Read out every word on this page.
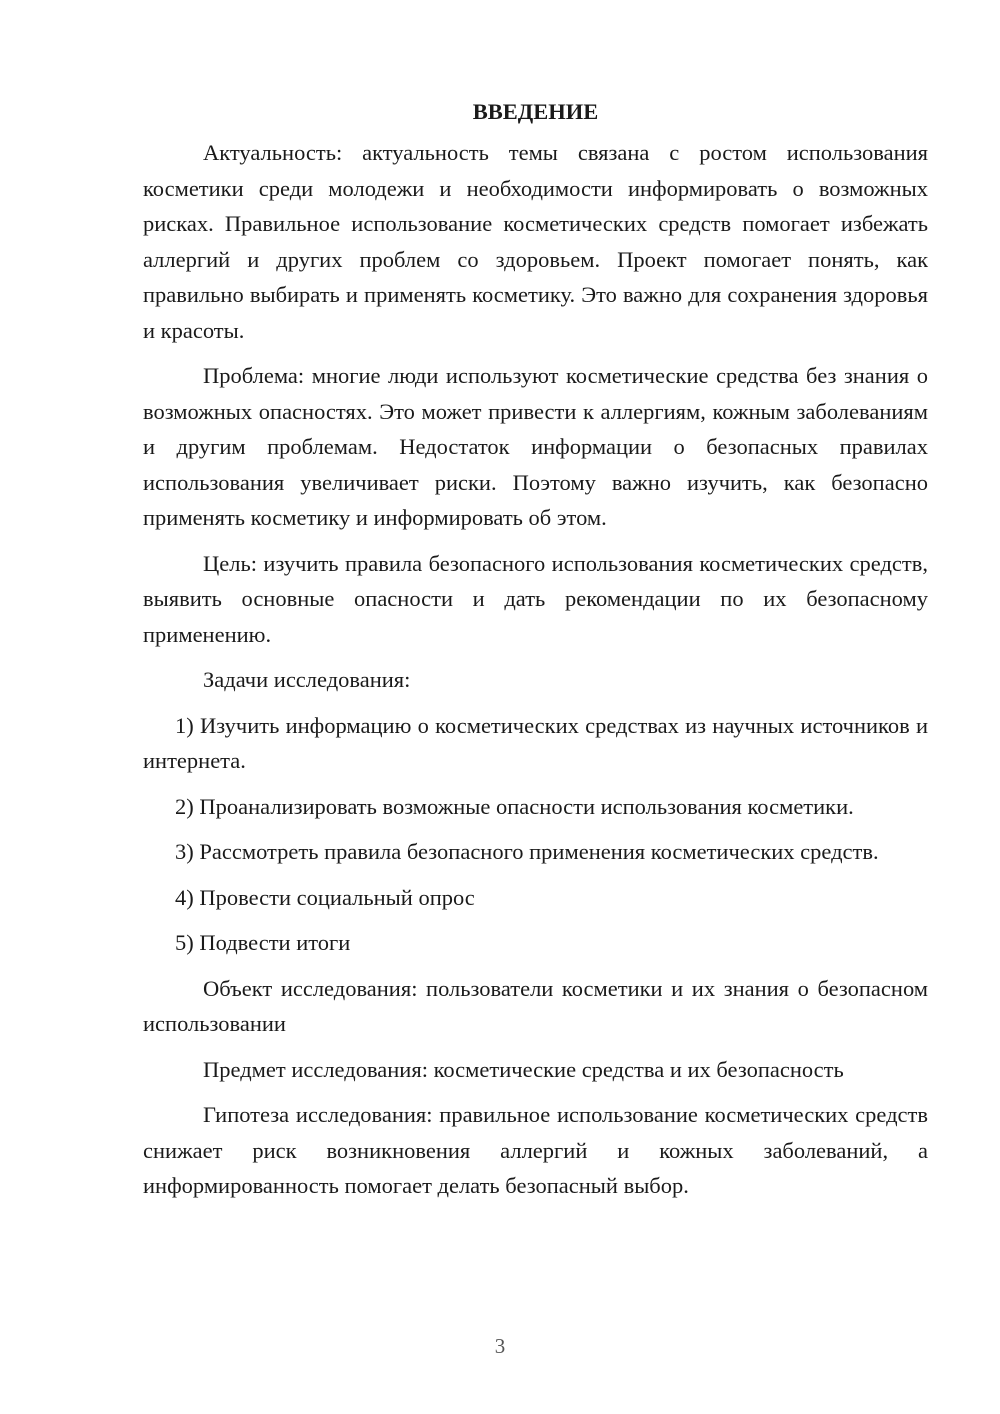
ВВЕДЕНИЕ

Актуальность: актуальность темы связана с ростом использования косметики среди молодежи и необходимости информировать о возможных рисках. Правильное использование косметических средств помогает избежать аллергий и других проблем со здоровьем. Проект помогает понять, как правильно выбирать и применять косметику. Это важно для сохранения здоровья и красоты.

Проблема: многие люди используют косметические средства без знания о возможных опасностях. Это может привести к аллергиям, кожным заболеваниям и другим проблемам. Недостаток информации о безопасных правилах использования увеличивает риски. Поэтому важно изучить, как безопасно применять косметику и информировать об этом.

Цель: изучить правила безопасного использования косметических средств, выявить основные опасности и дать рекомендации по их безопасному применению.

Задачи исследования:

1) Изучить информацию о косметических средствах из научных источников и интернета.

2) Проанализировать возможные опасности использования косметики.

3) Рассмотреть правила безопасного применения косметических средств.

4) Провести социальный опрос

5) Подвести итоги

Объект исследования: пользователи косметики и их знания о безопасном использовании

Предмет исследования: косметические средства и их безопасность

Гипотеза исследования: правильное использование косметических средств снижает риск возникновения аллергий и кожных заболеваний, а информированность помогает делать безопасный выбор.

3
